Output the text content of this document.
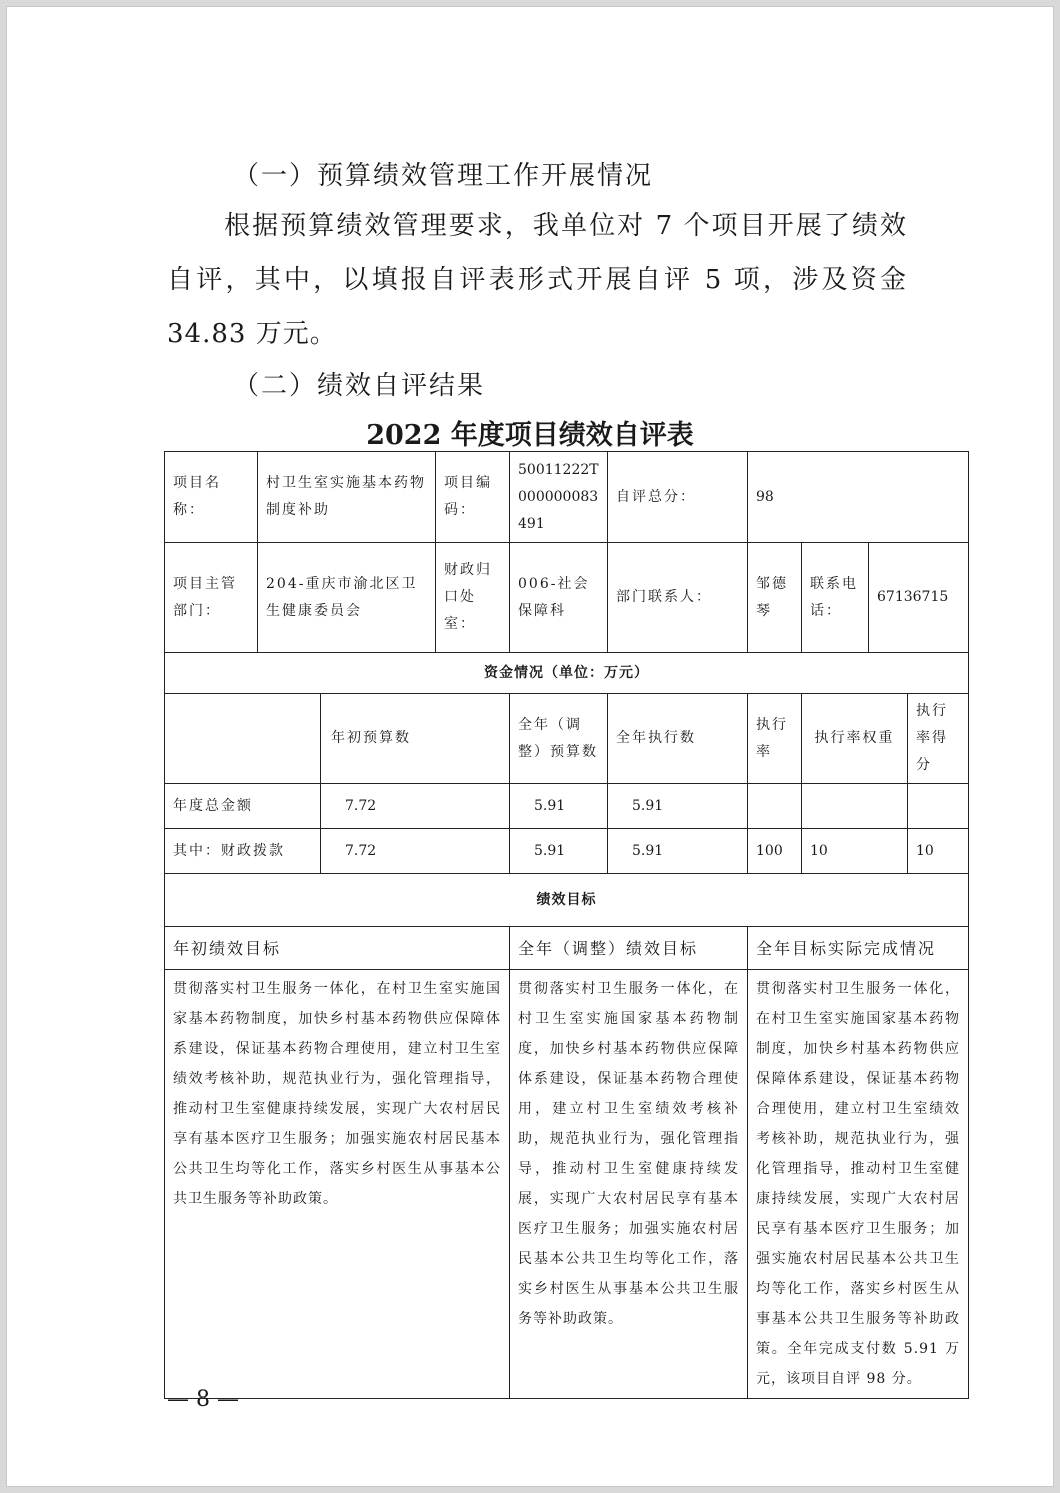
（一）预算绩效管理工作开展情况
根据预算绩效管理要求，我单位对 7 个项目开展了绩效自评，其中，以填报自评表形式开展自评 5 项，涉及资金 34.83 万元。
（二）绩效自评结果
2022 年度项目绩效自评表
项目名称：	村卫生室实施基本药物制度补助		项目编码：	50011222T000000083491	自评总分：	98			
项目主管部门：	204-重庆市渝北区卫生健康委员会		财政归口处室：	006-社会保障科	部门联系人：	邹德琴	联系电话：	67136715	
资金情况（单位：万元）									
		年初预算数		全年（调整）预算数	全年执行数	执行率	执行率权重		执行率得分
年度总金额		7.72		5.91	5.91				
其中：财政拨款		7.72		5.91	5.91	100	10		10
绩效目标									
年初绩效目标				全年（调整）绩效目标		全年目标实际完成情况			
贯彻落实村卫生服务一体化，在村卫生室实施国家基本药物制度，加快乡村基本药物供应保障体系建设，保证基本药物合理使用，建立村卫生室绩效考核补助，规范执业行为，强化管理指导，推动村卫生室健康持续发展，实现广大农村居民享有基本医疗卫生服务；加强实施农村居民基本公共卫生均等化工作，落实乡村医生从事基本公共卫生服务等补助政策。				贯彻落实村卫生服务一体化，在村卫生室实施国家基本药物制度，加快乡村基本药物供应保障体系建设，保证基本药物合理使用，建立村卫生室绩效考核补助，规范执业行为，强化管理指导，推动村卫生室健康持续发展，实现广大农村居民享有基本医疗卫生服务；加强实施农村居民基本公共卫生均等化工作，落实乡村医生从事基本公共卫生服务等补助政策。		贯彻落实村卫生服务一体化，在村卫生室实施国家基本药物制度，加快乡村基本药物供应保障体系建设，保证基本药物合理使用，建立村卫生室绩效考核补助，规范执业行为，强化管理指导，推动村卫生室健康持续发展，实现广大农村居民享有基本医疗卫生服务；加强实施农村居民基本公共卫生均等化工作，落实乡村医生从事基本公共卫生服务等补助政策。全年完成支付数 5.91 万元，该项目自评 98 分。			
— 8 —
